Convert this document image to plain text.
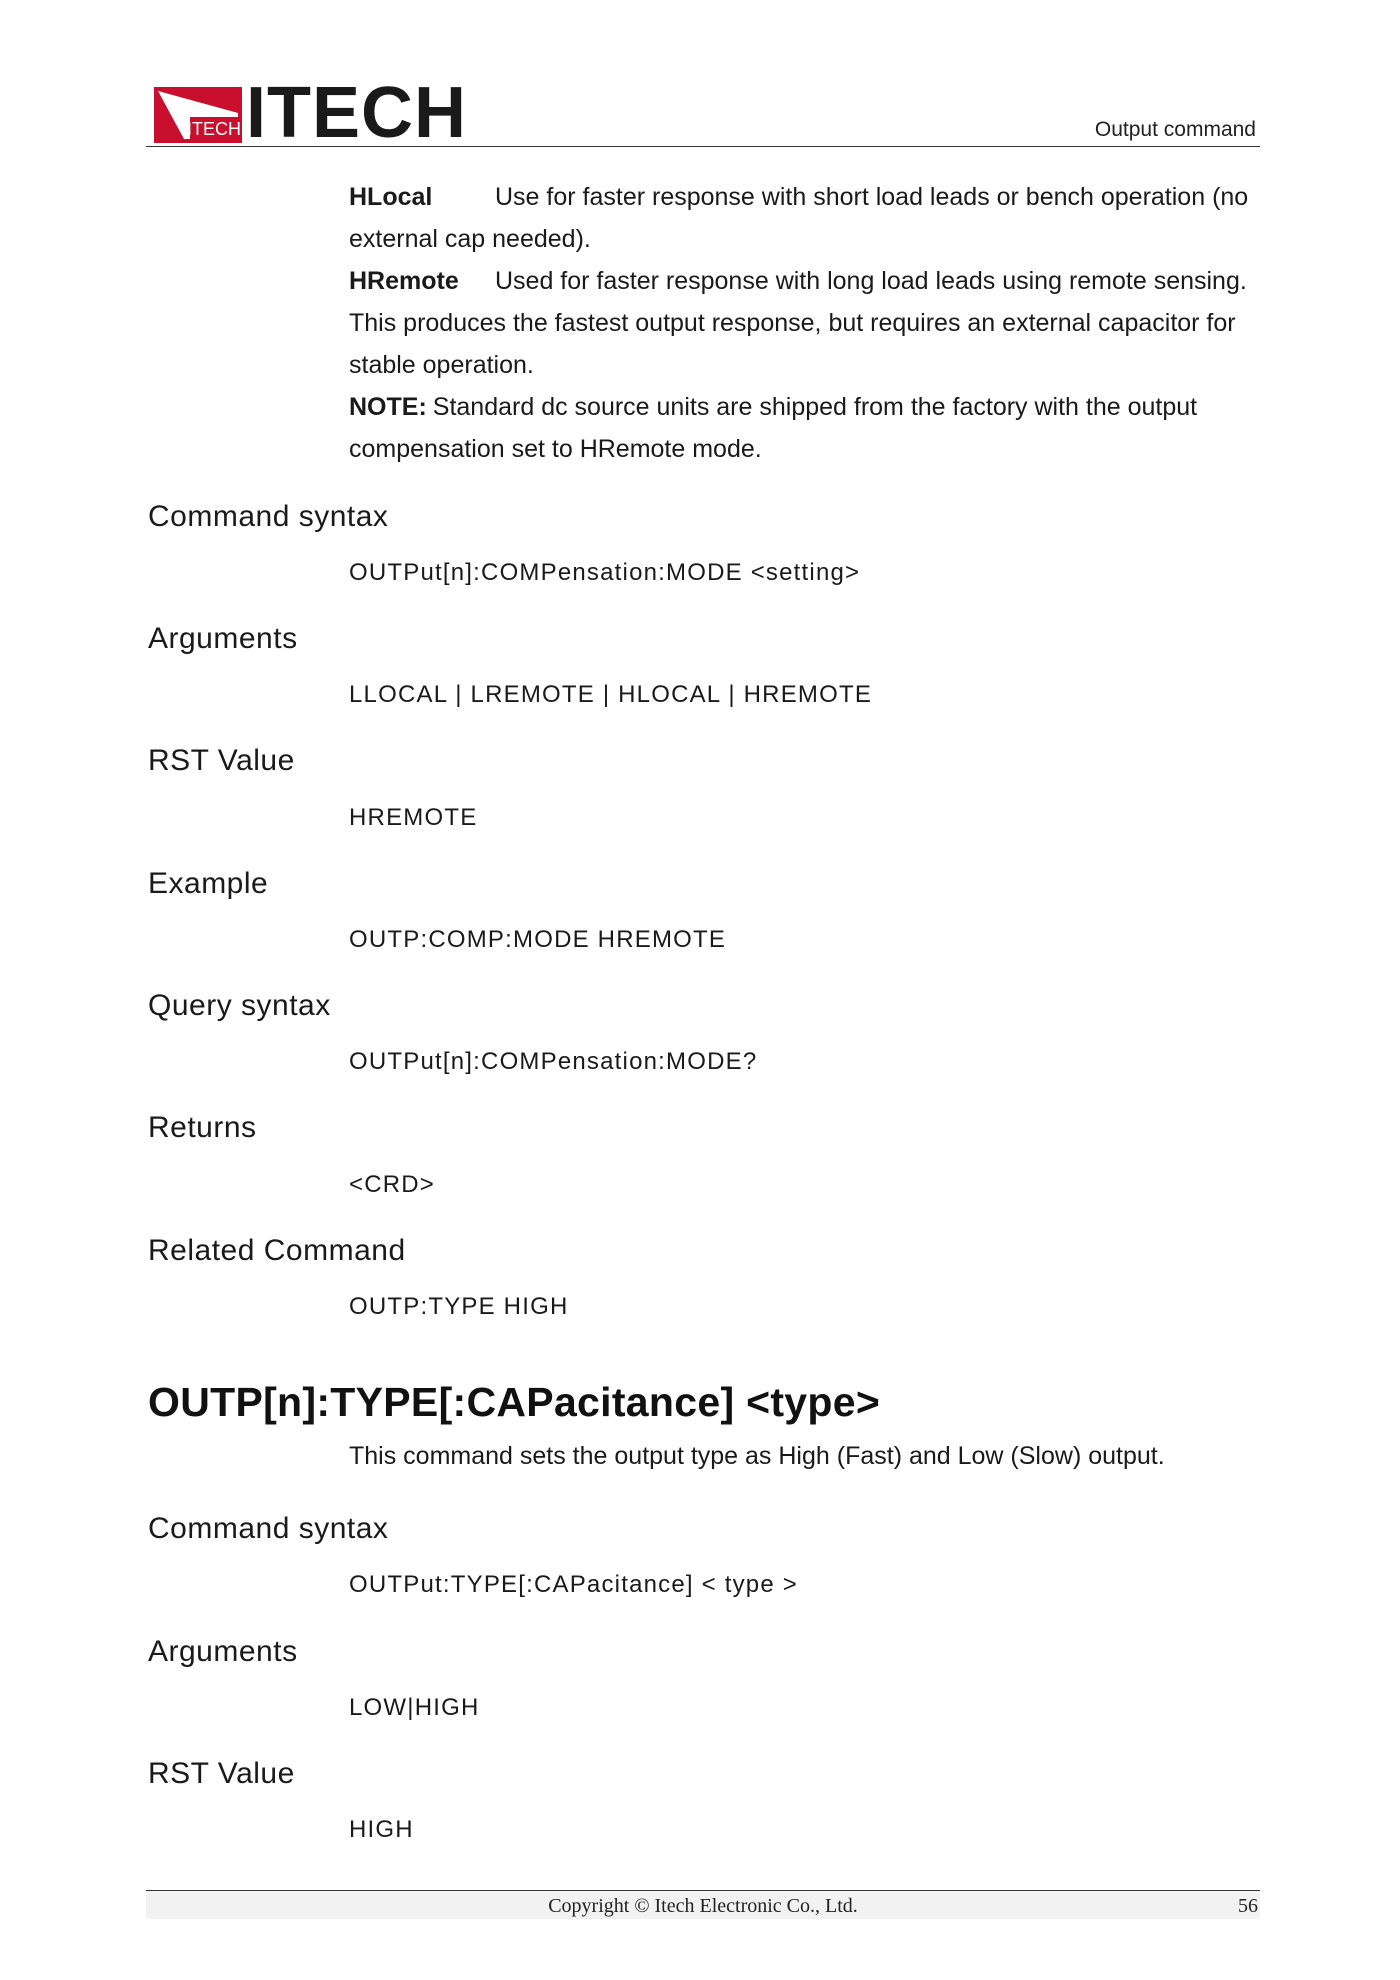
ITECH ITECH	Output command
HLocal	Use for faster response with short load leads or bench operation (no external cap needed).
HRemote Used for faster response with long load leads using remote sensing. This produces the fastest output response, but requires an external capacitor for stable operation.
NOTE: Standard dc source units are shipped from the factory with the output compensation set to HRemote mode.
Command syntax
OUTPut[n]:COMPensation:MODE <setting>
Arguments
LLOCAL | LREMOTE | HLOCAL | HREMOTE
RST Value
HREMOTE
Example
OUTP:COMP:MODE HREMOTE
Query syntax
OUTPut[n]:COMPensation:MODE?
Returns
<CRD>
Related Command
OUTP:TYPE HIGH
OUTP[n]:TYPE[:CAPacitance] <type>
This command sets the output type as High (Fast) and Low (Slow) output.
Command syntax
OUTPut:TYPE[:CAPacitance] < type >
Arguments
LOW|HIGH
RST Value
HIGH
Copyright © Itech Electronic Co., Ltd.	56
